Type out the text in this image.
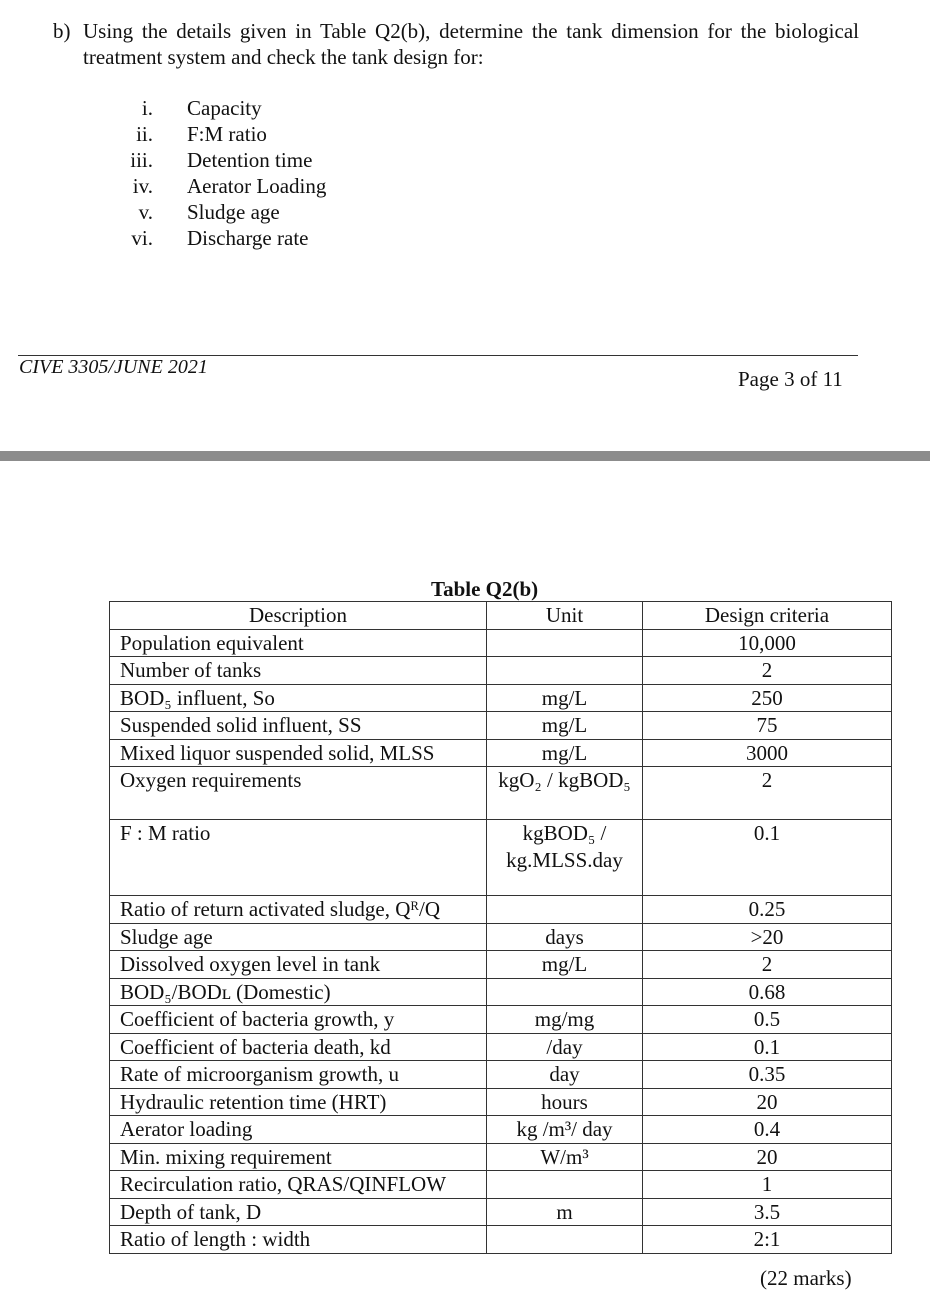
b) Using the details given in Table Q2(b), determine the tank dimension for the biological treatment system and check the tank design for:
i. Capacity
ii. F:M ratio
iii. Detention time
iv. Aerator Loading
v. Sludge age
vi. Discharge rate
CIVE 3305/JUNE 2021	Page 3 of 11
Table Q2(b)
Description	Unit	Design criteria
Population equivalent		10,000
Number of tanks		2
BOD₅ influent, So	mg/L	250
Suspended solid influent, SS	mg/L	75
Mixed liquor suspended solid, MLSS	mg/L	3000
Oxygen requirements	kgO₂ / kgBOD₅	2
F : M ratio	kgBOD₅ / kg.MLSS.day	0.1
Ratio of return activated sludge, Qᴿ/Q		0.25
Sludge age	days	>20
Dissolved oxygen level in tank	mg/L	2
BOD₅/BODʟ (Domestic)		0.68
Coefficient of bacteria growth, y	mg/mg	0.5
Coefficient of bacteria death, kd	/day	0.1
Rate of microorganism growth, u	day	0.35
Hydraulic retention time (HRT)	hours	20
Aerator loading	kg /m³/ day	0.4
Min. mixing requirement	W/m³	20
Recirculation ratio, QRAS/QINFLOW		1
Depth of tank, D	m	3.5
Ratio of length : width		2:1
(22 marks)
